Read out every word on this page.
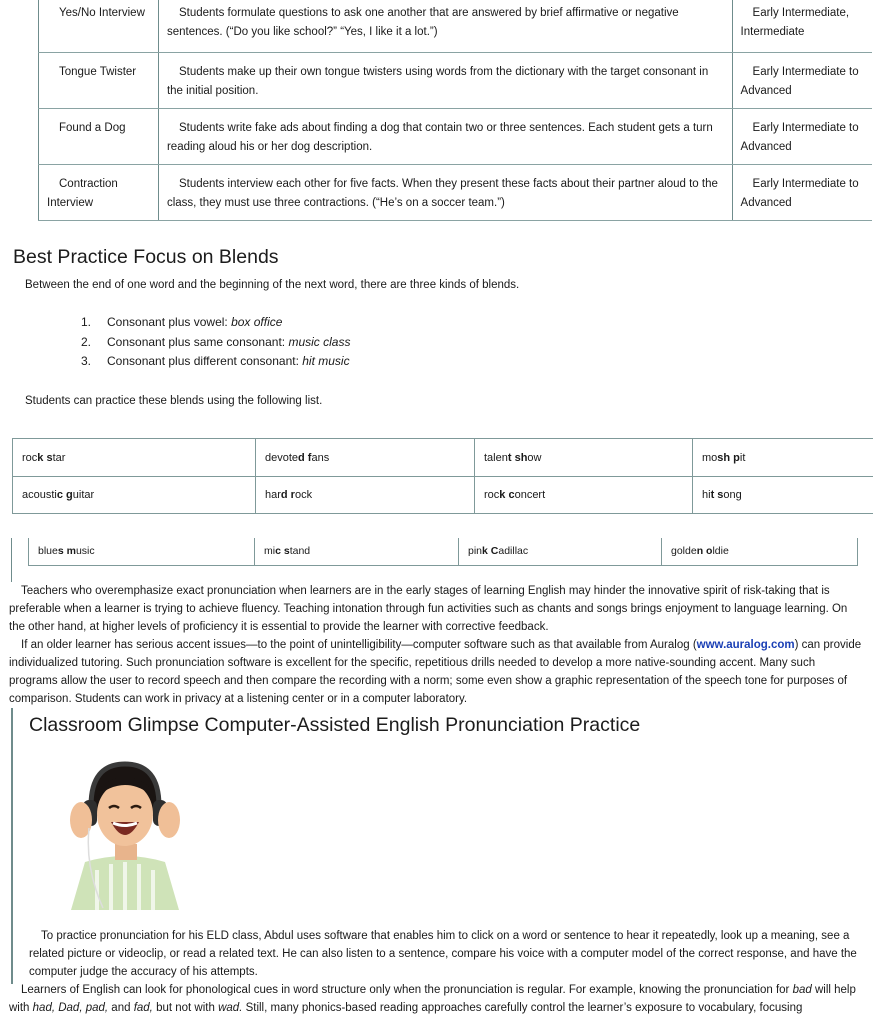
Yes/No Interview	Students formulate questions to ask one another that are answered by brief affirmative or negative sentences. (“Do you like school?” “Yes, I like it a lot.”)	Early Intermediate, Intermediate
Tongue Twister	Students make up their own tongue twisters using words from the dictionary with the target consonant in the initial position.	Early Intermediate to Advanced
Found a Dog	Students write fake ads about finding a dog that contain two or three sentences. Each student gets a turn reading aloud his or her dog description.	Early Intermediate to Advanced
Contraction Interview	Students interview each other for five facts. When they present these facts about their partner aloud to the class, they must use three contractions. (“He’s on a soccer team.”)	Early Intermediate to Advanced
Best Practice Focus on Blends

Between the end of one word and the beginning of the next word, there are three kinds of blends.

1. Consonant plus vowel: box office
2. Consonant plus same consonant: music class
3. Consonant plus different consonant: hit music

Students can practice these blends using the following list.

rock star	devoted fans	talent show	mosh pit
acoustic guitar	hard rock	rock concert	hit song
blues music	mic stand	pink Cadillac	golden oldie

Teachers who overemphasize exact pronunciation when learners are in the early stages of learning English may hinder the innovative spirit of risk-taking that is preferable when a learner is trying to achieve fluency. Teaching intonation through fun activities such as chants and songs brings enjoyment to language learning. On the other hand, at higher levels of proficiency it is essential to provide the learner with corrective feedback.

If an older learner has serious accent issues—to the point of unintelligibility—computer software such as that available from Auralog (www.auralog.com) can provide individualized tutoring. Such pronunciation software is excellent for the specific, repetitious drills needed to develop a more native-sounding accent. Many such programs allow the user to record speech and then compare the recording with a norm; some even show a graphic representation of the speech tone for purposes of comparison. Students can work in privacy at a listening center or in a computer laboratory.

Classroom Glimpse Computer-Assisted English Pronunciation Practice

To practice pronunciation for his ELD class, Abdul uses software that enables him to click on a word or sentence to hear it repeatedly, look up a meaning, see a related picture or videoclip, or read a related text. He can also listen to a sentence, compare his voice with a computer model of the correct response, and have the computer judge the accuracy of his attempts.

Learners of English can look for phonological cues in word structure only when the pronunciation is regular. For example, knowing the pronunciation for bad will help with had, Dad, pad, and fad, but not with wad. Still, many phonics-based reading approaches carefully control the learner’s exposure to vocabulary, focusing
